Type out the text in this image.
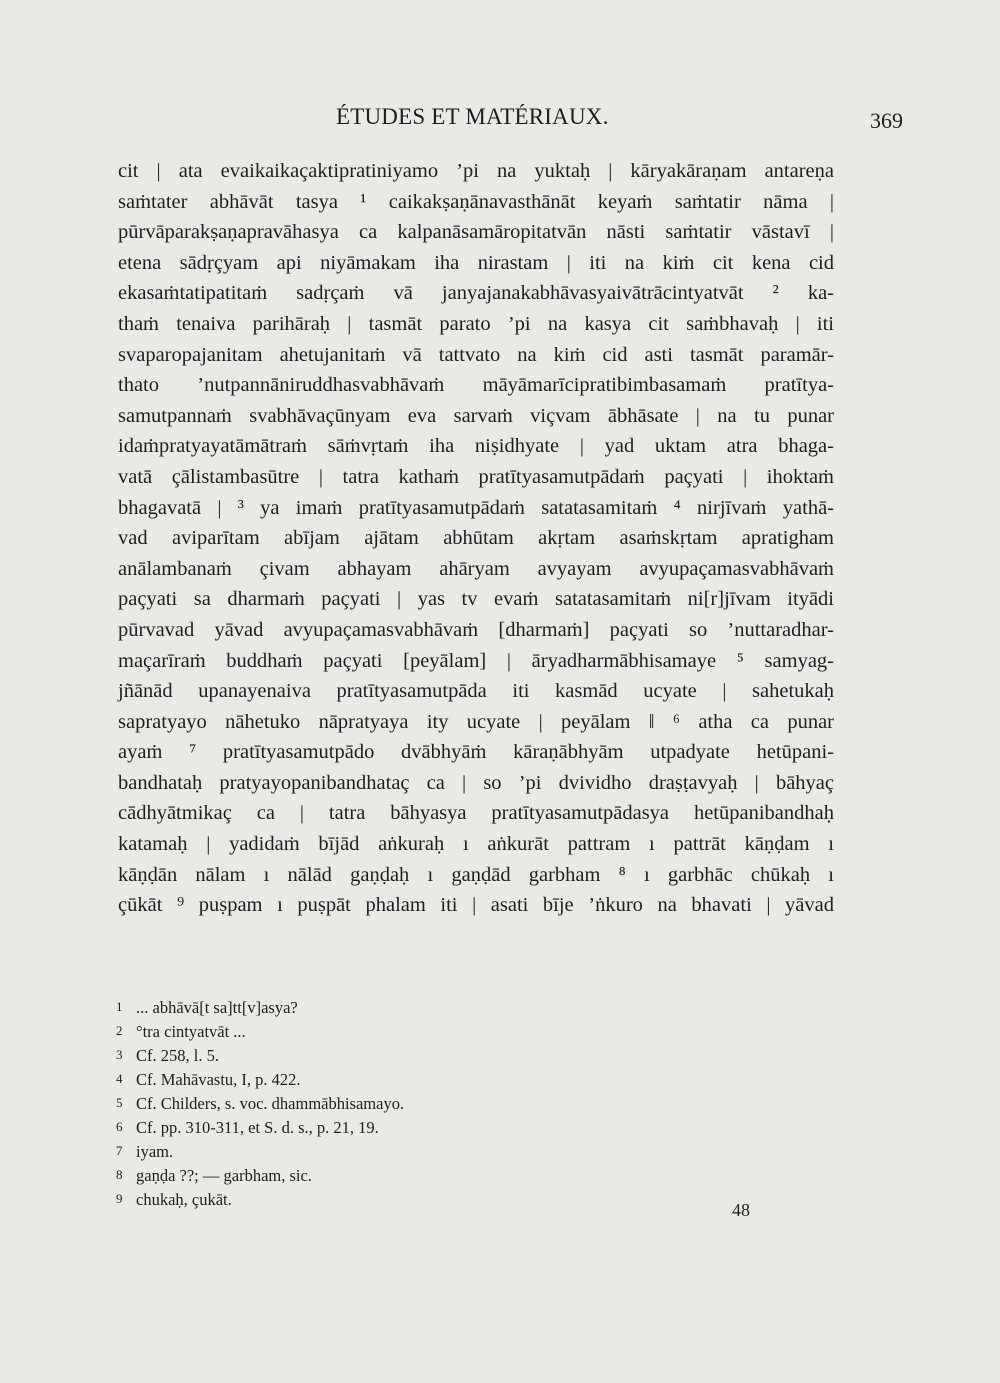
ÉTUDES ET MATÉRIAUX.	369
cit | ata evaikaikaçaktipratiniyamo ’pi na yuktaḥ | kāryakāraṇam antareṇa
saṁtater abhāvāt tasya ¹ caikakṣaṇānavasthānāt keyaṁ saṁtatir nāma |
pūrvāparakṣaṇapravāhasya ca kalpanāsamāropitatvān nāsti saṁtatir vāstavī |
etena sādṛçyam api niyāmakam iha nirastam | iti na kiṁ cit kena cid
ekasaṁtatipatitaṁ sadṛçaṁ vā janyajanakabhāvasyaivātrācintyatvāt ² ka-
thaṁ tenaiva parihāraḥ | tasmāt parato ’pi na kasya cit saṁbhavaḥ | iti
svaparopajanitam ahetujanitaṁ vā tattvato na kiṁ cid asti tasmāt paramār-
thato ’nutpannāniruddhasvabhāvaṁ māyāmarīcipratibimbasamaṁ pratītya-
samutpannaṁ svabhāvaçūnyam eva sarvaṁ viçvam ābhāsate | na tu punar
idaṁpratyayatāmātraṁ sāṁvṛtaṁ iha niṣidhyate | yad uktam atra bhaga-
vatā çālistambasūtre | tatra kathaṁ pratītyasamutpādaṁ paçyati | ihoktaṁ
bhagavatā | ³ ya imaṁ pratītyasamutpādaṁ satatasamitaṁ ⁴ nirjīvaṁ yathā-
vad aviparītam abījam ajātam abhūtam akṛtam asaṁskṛtam apratigham
anālambanaṁ çivam abhayam ahāryam avyayam avyupaçamasvabhāvaṁ
paçyati sa dharmaṁ paçyati | yas tv evaṁ satatasamitaṁ ni[r]jīvam ityādi
pūrvavad yāvad avyupaçamasvabhāvaṁ [dharmaṁ] paçyati so ’nuttaradhar-
maçarīraṁ buddhaṁ paçyati [peyālam] | āryadharmābhisamaye ⁵ samyag-
jñānād upanayenaiva pratītyasamutpāda iti kasmād ucyate | sahetukaḥ
sapratyayo nāhetuko nāpratyaya ity ucyate | peyālam ‖ ⁶ atha ca punar
ayaṁ ⁷ pratītyasamutpādo dvābhyāṁ kāraṇābhyām utpadyate hetūpani-
bandhataḥ pratyayopanibandhataç ca | so ’pi dvividho draṣṭavyaḥ | bāhyaç
cādhyātmikaç ca | tatra bāhyasya pratītyasamutpādasya hetūpanibandhaḥ
katamaḥ | yadidaṁ bījād aṅkuraḥ ı aṅkurāt pattram ı pattrāt kāṇḍam ı
kāṇḍān nālam ı nālād gaṇḍaḥ ı gaṇḍād garbham ⁸ ı garbhāc chūkaḥ ı
çūkāt ⁹ puṣpam ı puṣpāt phalam iti | asati bīje ’ṅkuro na bhavati | yāvad
1 ... abhāvā[t sa]tt[v]asya?
2 °tra cintyatvāt ...
3 Cf. 258, l. 5.
4 Cf. Mahāvastu, I, p. 422.
5 Cf. Childers, s. voc. dhammābhisamayo.
6 Cf. pp. 310-311, et S. d. s., p. 21, 19.
7 iyam.
8 gaṇḍa ??; — garbham, sic.
9 chukaḥ, çukāt.
48
